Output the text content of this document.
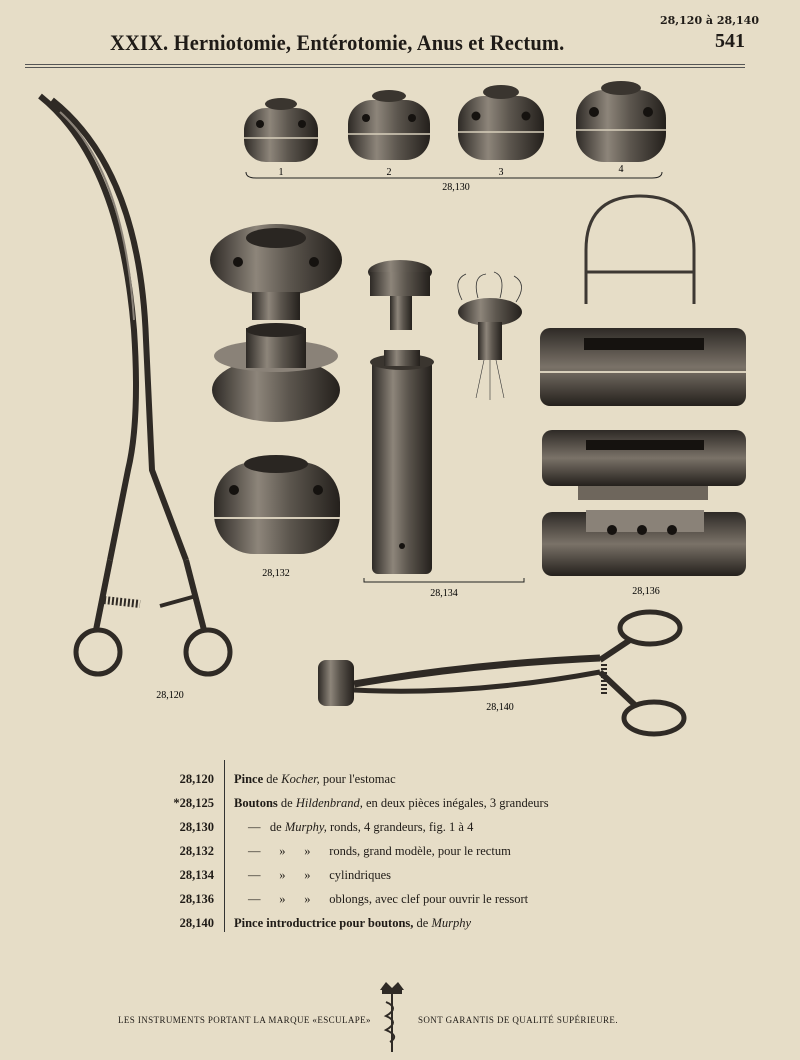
28,120 à 28,140
XXIX. Herniotomie, Entérotomie, Anus et Rectum.	541
1	2	3	4
28,130
28,132
28,134	28,136
28,120
28,140
28,120 Pince de Kocher, pour l'estomac
*28,125 Boutons de Hildenbrand, en deux pièces inégales, 3 grandeurs
28,130	—   de Murphy, ronds, 4 grandeurs, fig. 1 à 4
28,132	—      »      »      ronds, grand modèle, pour le rectum
28,134	—      »      »      cylindriques
28,136	—      »      »      oblongs, avec clef pour ouvrir le ressort
28,140 Pince introductrice pour boutons, de Murphy
LES INSTRUMENTS PORTANT LA MARQUE «ESCULAPE»	SONT GARANTIS DE QUALITÉ SUPÉRIEURE.
